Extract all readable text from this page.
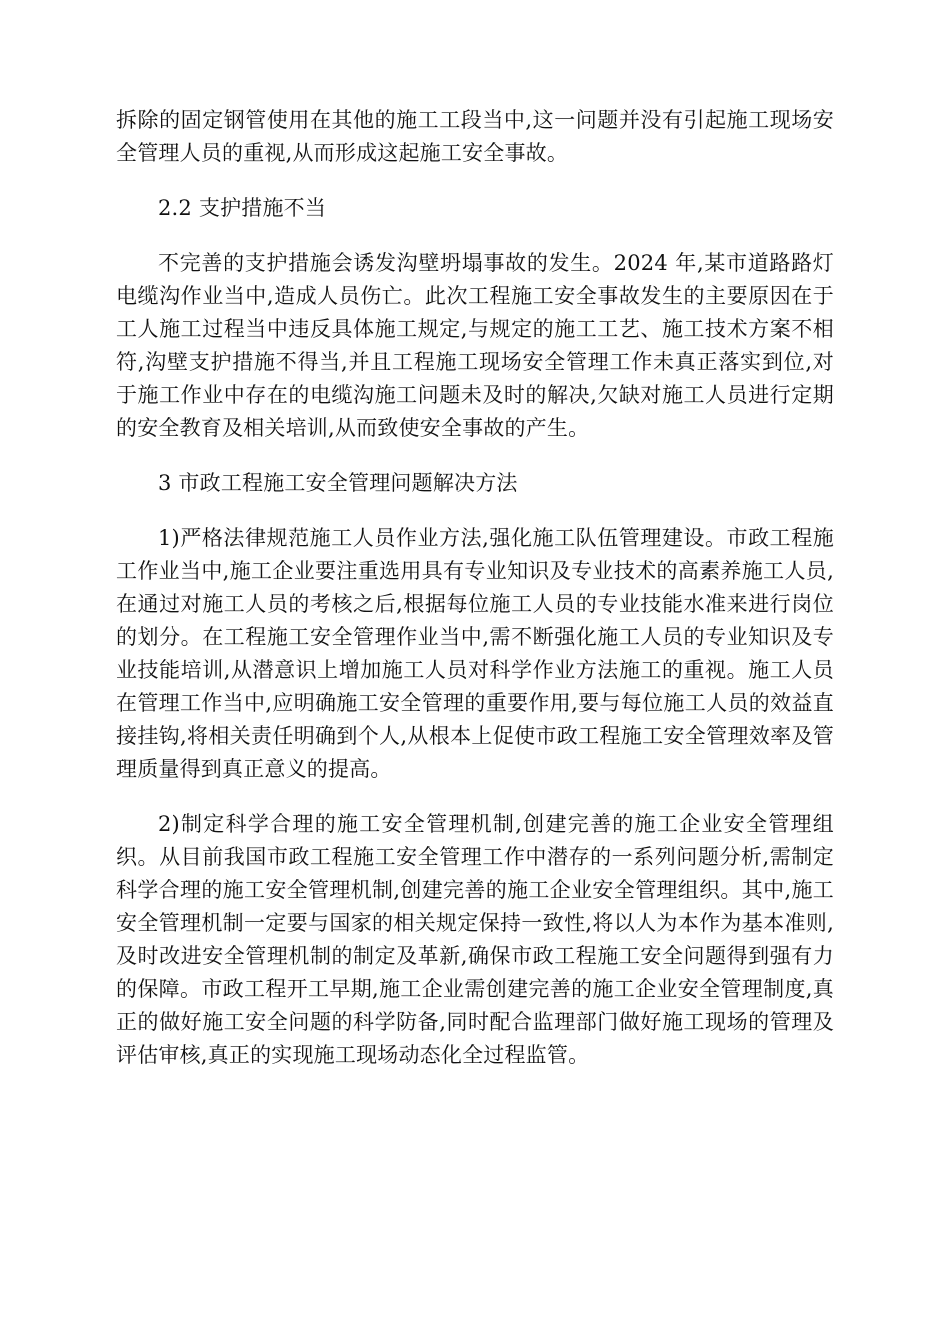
拆除的固定钢管使用在其他的施工工段当中,这一问题并没有引起施工现场安全管理人员的重视,从而形成这起施工安全事故。

2.2 支护措施不当

不完善的支护措施会诱发沟壁坍塌事故的发生。2024 年,某市道路路灯电缆沟作业当中,造成人员伤亡。此次工程施工安全事故发生的主要原因在于工人施工过程当中违反具体施工规定,与规定的施工工艺、施工技术方案不相符,沟壁支护措施不得当,并且工程施工现场安全管理工作未真正落实到位,对于施工作业中存在的电缆沟施工问题未及时的解决,欠缺对施工人员进行定期的安全教育及相关培训,从而致使安全事故的产生。

3 市政工程施工安全管理问题解决方法

1)严格法律规范施工人员作业方法,强化施工队伍管理建设。市政工程施工作业当中,施工企业要注重选用具有专业知识及专业技术的高素养施工人员,在通过对施工人员的考核之后,根据每位施工人员的专业技能水准来进行岗位的划分。在工程施工安全管理作业当中,需不断强化施工人员的专业知识及专业技能培训,从潜意识上增加施工人员对科学作业方法施工的重视。施工人员在管理工作当中,应明确施工安全管理的重要作用,要与每位施工人员的效益直接挂钩,将相关责任明确到个人,从根本上促使市政工程施工安全管理效率及管理质量得到真正意义的提高。

2)制定科学合理的施工安全管理机制,创建完善的施工企业安全管理组织。从目前我国市政工程施工安全管理工作中潜存的一系列问题分析,需制定科学合理的施工安全管理机制,创建完善的施工企业安全管理组织。其中,施工安全管理机制一定要与国家的相关规定保持一致性,将以人为本作为基本准则,及时改进安全管理机制的制定及革新,确保市政工程施工安全问题得到强有力的保障。市政工程开工早期,施工企业需创建完善的施工企业安全管理制度,真正的做好施工安全问题的科学防备,同时配合监理部门做好施工现场的管理及评估审核,真正的实现施工现场动态化全过程监管。
